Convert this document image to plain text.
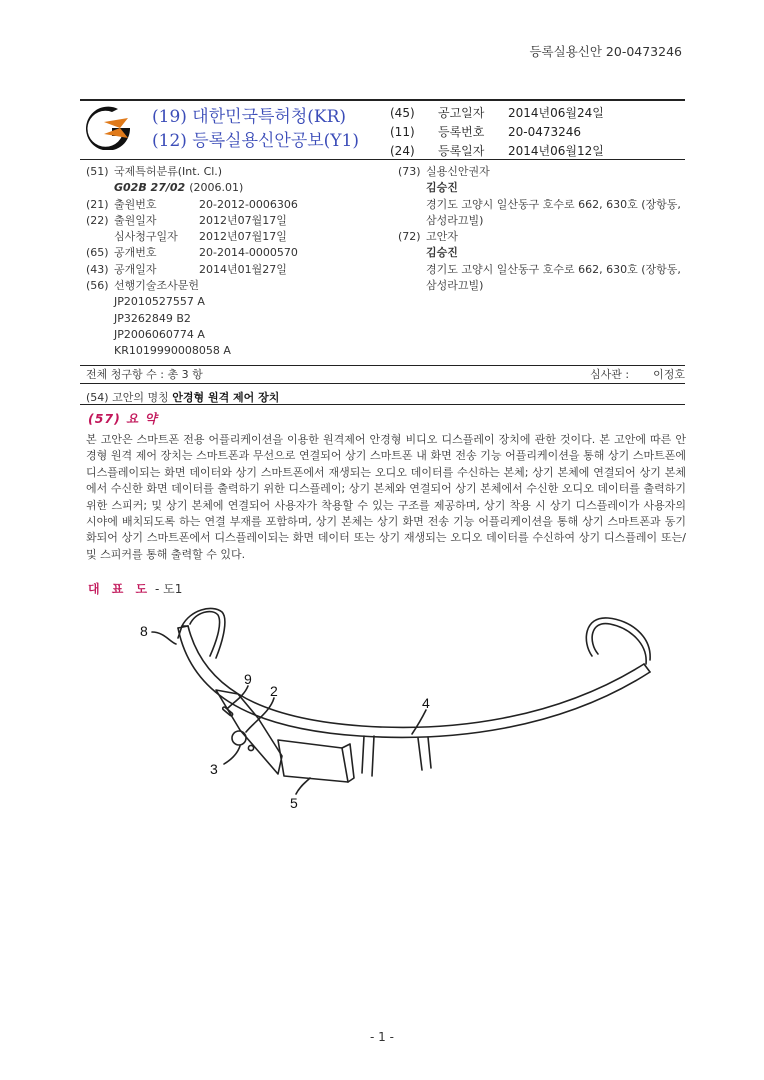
등록실용신안 20-0473246
(19) 대한민국특허청(KR)
(12) 등록실용신안공보(Y1)
(45)	공고일자	2014년06월24일
(11)	등록번호	20-0473246
(24)	등록일자	2014년06월12일
(51) 국제특허분류(Int. Cl.)
G02B 27/02 (2006.01)
(21) 출원번호	20-2012-0006306
(22) 출원일자	2012년07월17일
심사청구일자	2012년07월17일
(65) 공개번호	20-2014-0000570
(43) 공개일자	2014년01월27일
(56) 선행기술조사문헌
JP2010527557 A
JP3262849 B2
JP2006060774 A
KR1019990008058 A
(73) 실용신안권자
김승진
경기도 고양시 일산동구 호수로 662, 630호 (장항동, 삼성라끄빌)
(72) 고안자
김승진
경기도 고양시 일산동구 호수로 662, 630호 (장항동, 삼성라끄빌)
전체 청구항 수 : 총 3 항	심사관 : 이정호
(54) 고안의 명칭 안경형 원격 제어 장치
(57) 요 약
본 고안은 스마트폰 전용 어플리케이션을 이용한 원격제어 안경형 비디오 디스플레이 장치에 관한 것이다. 본 고안에 따른 안경형 원격 제어 장치는 스마트폰과 무선으로 연결되어 상기 스마트폰 내 화면 전송 기능 어플리케이션을 통해 상기 스마트폰에 디스플레이되는 화면 데이터와 상기 스마트폰에서 재생되는 오디오 데이터를 수신하는 본체; 상기 본체에 연결되어 상기 본체에서 수신한 화면 데이터를 출력하기 위한 디스플레이; 상기 본체와 연결되어 상기 본체에서 수신한 오디오 데이터를 출력하기 위한 스피커; 및 상기 본체에 연결되어 사용자가 착용할 수 있는 구조를 제공하며, 상기 착용 시 상기 디스플레이가 사용자의 시야에 배치되도록 하는 연결 부재를 포함하며, 상기 본체는 상기 화면 전송 기능 어플리케이션을 통해 상기 스마트폰과 동기화되어 상기 스마트폰에서 디스플레이되는 화면 데이터 또는 상기 재생되는 오디오 데이터를 수신하여 상기 디스플레이 또는/및 스피커를 통해 출력할 수 있다.
대 표 도 - 도1
8
9
2
4
3
5
- 1 -
